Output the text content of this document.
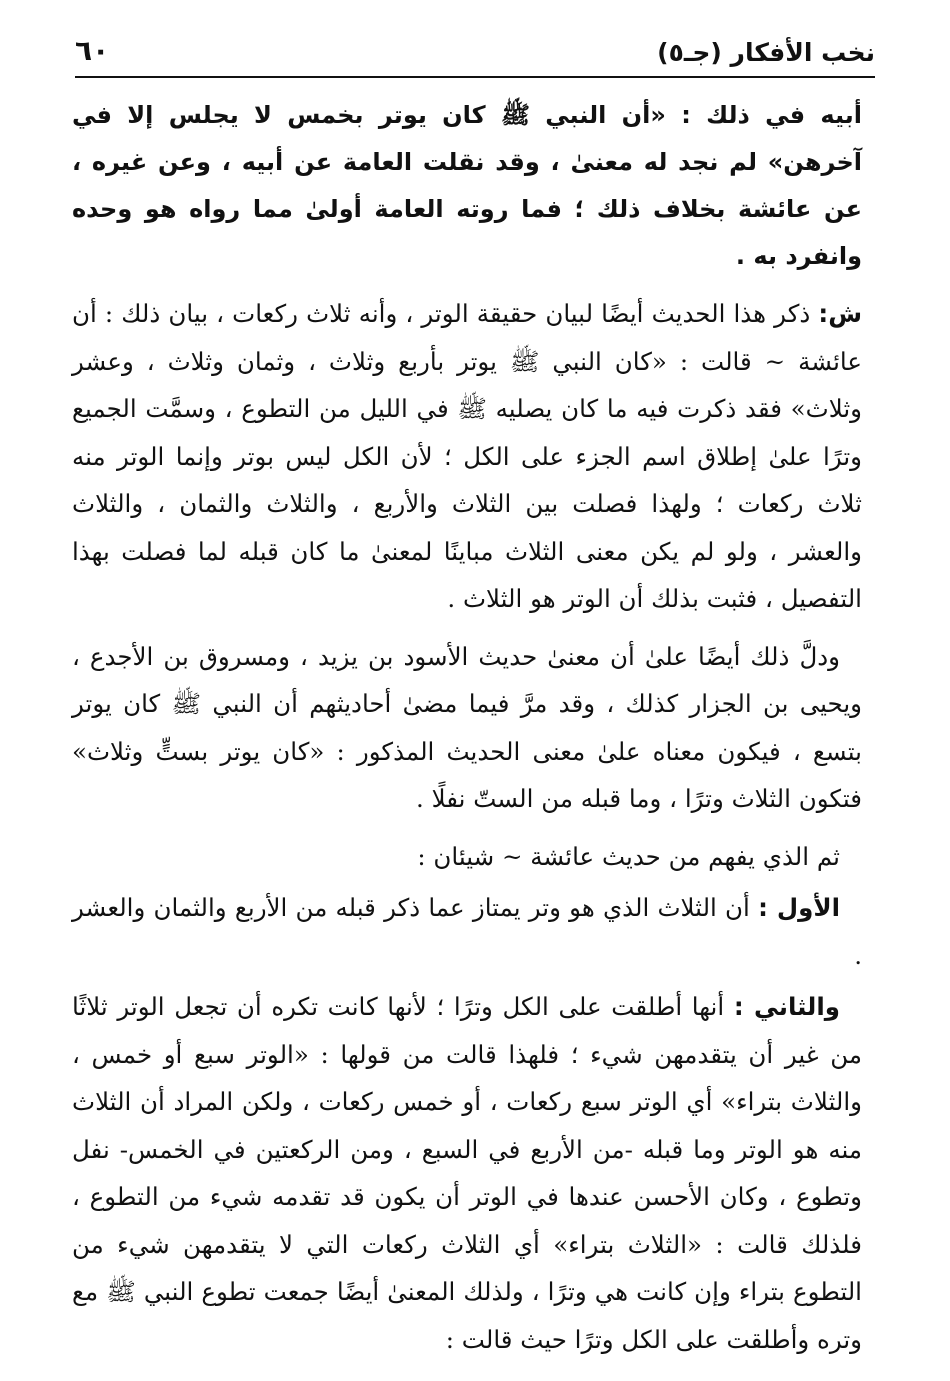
نخب الأفكار (جـ٥)
٦٠

أبيه في ذلك : «أن النبي ﷺ كان يوتر بخمس لا يجلس إلا في آخرهن» لم نجد له معنىٰ ، وقد نقلت العامة عن أبيه ، وعن غيره ، عن عائشة بخلاف ذلك ؛ فما روته العامة أولىٰ مما رواه هو وحده وانفرد به .

ش: ذكر هذا الحديث أيضًا لبيان حقيقة الوتر ، وأنه ثلاث ركعات ، بيان ذلك : أن عائشة ~ قالت : «كان النبي ﷺ يوتر بأربع وثلاث ، وثمان وثلاث ، وعشر وثلاث» فقد ذكرت فيه ما كان يصليه ﷺ في الليل من التطوع ، وسمَّت الجميع وترًا علىٰ إطلاق اسم الجزء على الكل ؛ لأن الكل ليس بوتر وإنما الوتر منه ثلاث ركعات ؛ ولهذا فصلت بين الثلاث والأربع ، والثلاث والثمان ، والثلاث والعشر ، ولو لم يكن معنى الثلاث مباينًا لمعنىٰ ما كان قبله لما فصلت بهذا التفصيل ، فثبت بذلك أن الوتر هو الثلاث .

ودلَّ ذلك أيضًا علىٰ أن معنىٰ حديث الأسود بن يزيد ، ومسروق بن الأجدع ، ويحيى بن الجزار كذلك ، وقد مرَّ فيما مضىٰ أحاديثهم أن النبي ﷺ كان يوتر بتسع ، فيكون معناه علىٰ معنى الحديث المذكور : «كان يوتر بستٍّ وثلاث» فتكون الثلاث وترًا ، وما قبله من الستّ نفلًا .

ثم الذي يفهم من حديث عائشة ~ شيئان :

الأول : أن الثلاث الذي هو وتر يمتاز عما ذكر قبله من الأربع والثمان والعشر .

والثاني : أنها أطلقت على الكل وترًا ؛ لأنها كانت تكره أن تجعل الوتر ثلاثًا من غير أن يتقدمهن شيء ؛ فلهذا قالت من قولها : «الوتر سبع أو خمس ، والثلاث بتراء» أي الوتر سبع ركعات ، أو خمس ركعات ، ولكن المراد أن الثلاث منه هو الوتر وما قبله -من الأربع في السبع ، ومن الركعتين في الخمس- نفل وتطوع ، وكان الأحسن عندها في الوتر أن يكون قد تقدمه شيء من التطوع ، فلذلك قالت : «الثلاث بتراء» أي الثلاث ركعات التي لا يتقدمهن شيء من التطوع بتراء وإن كانت هي وترًا ، ولذلك المعنىٰ أيضًا جمعت تطوع النبي ﷺ مع وتره وأطلقت على الكل وترًا حيث قالت :
